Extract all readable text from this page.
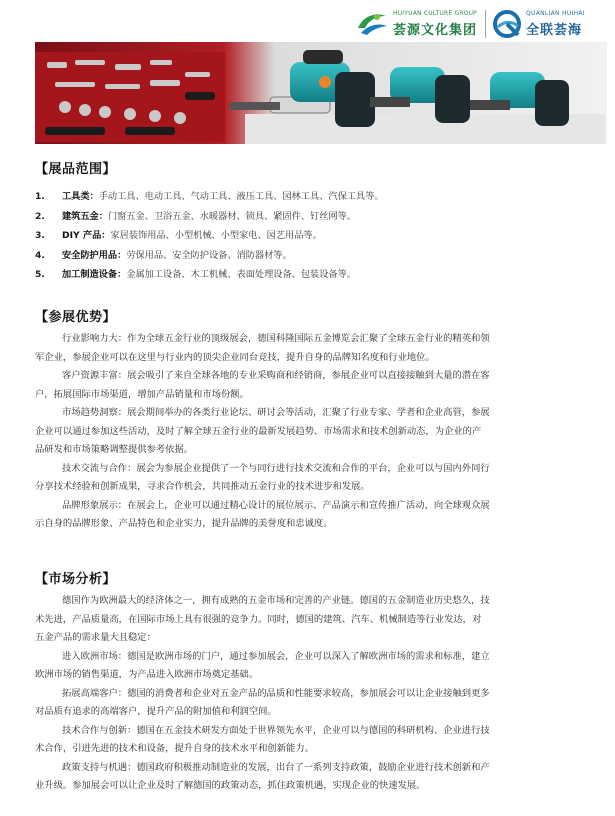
HUIYUAN CULTURE GROUP
荟源文化集团
QUANLIAN HUIHAI
全联荟海
【展品范围】
1. 工具类：手动工具、电动工具、气动工具、液压工具、园林工具、汽保工具等。
2. 建筑五金：门窗五金、卫浴五金、水暖器材、锁具、紧固件、钉丝网等。
3. DIY 产品：家居装饰用品、小型机械、小型家电、园艺用品等。
4. 安全防护用品：劳保用品、安全防护设备、消防器材等。
5. 加工制造设备：金属加工设备、木工机械、表面处理设备、包装设备等。
【参展优势】
行业影响力大：作为全球五金行业的顶级展会，德国科隆国际五金博览会汇聚了全球五金行业的精英和领
军企业，参展企业可以在这里与行业内的顶尖企业同台竞技，提升自身的品牌知名度和行业地位。
客户资源丰富：展会吸引了来自全球各地的专业采购商和经销商，参展企业可以直接接触到大量的潜在客
户，拓展国际市场渠道，增加产品销量和市场份额。
市场趋势洞察：展会期间举办的各类行业论坛、研讨会等活动，汇聚了行业专家、学者和企业高管，参展
企业可以通过参加这些活动，及时了解全球五金行业的最新发展趋势、市场需求和技术创新动态，为企业的产
品研发和市场策略调整提供参考依据。
技术交流与合作：展会为参展企业提供了一个与同行进行技术交流和合作的平台，企业可以与国内外同行
分享技术经验和创新成果，寻求合作机会，共同推动五金行业的技术进步和发展。
品牌形象展示：在展会上，企业可以通过精心设计的展位展示、产品演示和宣传推广活动，向全球观众展
示自身的品牌形象、产品特色和企业实力，提升品牌的美誉度和忠诚度。
【市场分析】
德国作为欧洲最大的经济体之一，拥有成熟的五金市场和完善的产业链。德国的五金制造业历史悠久，技
术先进，产品质量高，在国际市场上具有很强的竞争力。同时，德国的建筑、汽车、机械制造等行业发达，对
五金产品的需求量大且稳定：
进入欧洲市场：德国是欧洲市场的门户，通过参加展会，企业可以深入了解欧洲市场的需求和标准，建立
欧洲市场的销售渠道，为产品进入欧洲市场奠定基础。
拓展高端客户：德国的消费者和企业对五金产品的品质和性能要求较高，参加展会可以让企业接触到更多
对品质有追求的高端客户，提升产品的附加值和利润空间。
技术合作与创新：德国在五金技术研发方面处于世界领先水平，企业可以与德国的科研机构、企业进行技
术合作，引进先进的技术和设备，提升自身的技术水平和创新能力。
政策支持与机遇：德国政府积极推动制造业的发展，出台了一系列支持政策，鼓励企业进行技术创新和产
业升级。参加展会可以让企业及时了解德国的政策动态，抓住政策机遇，实现企业的快速发展。
